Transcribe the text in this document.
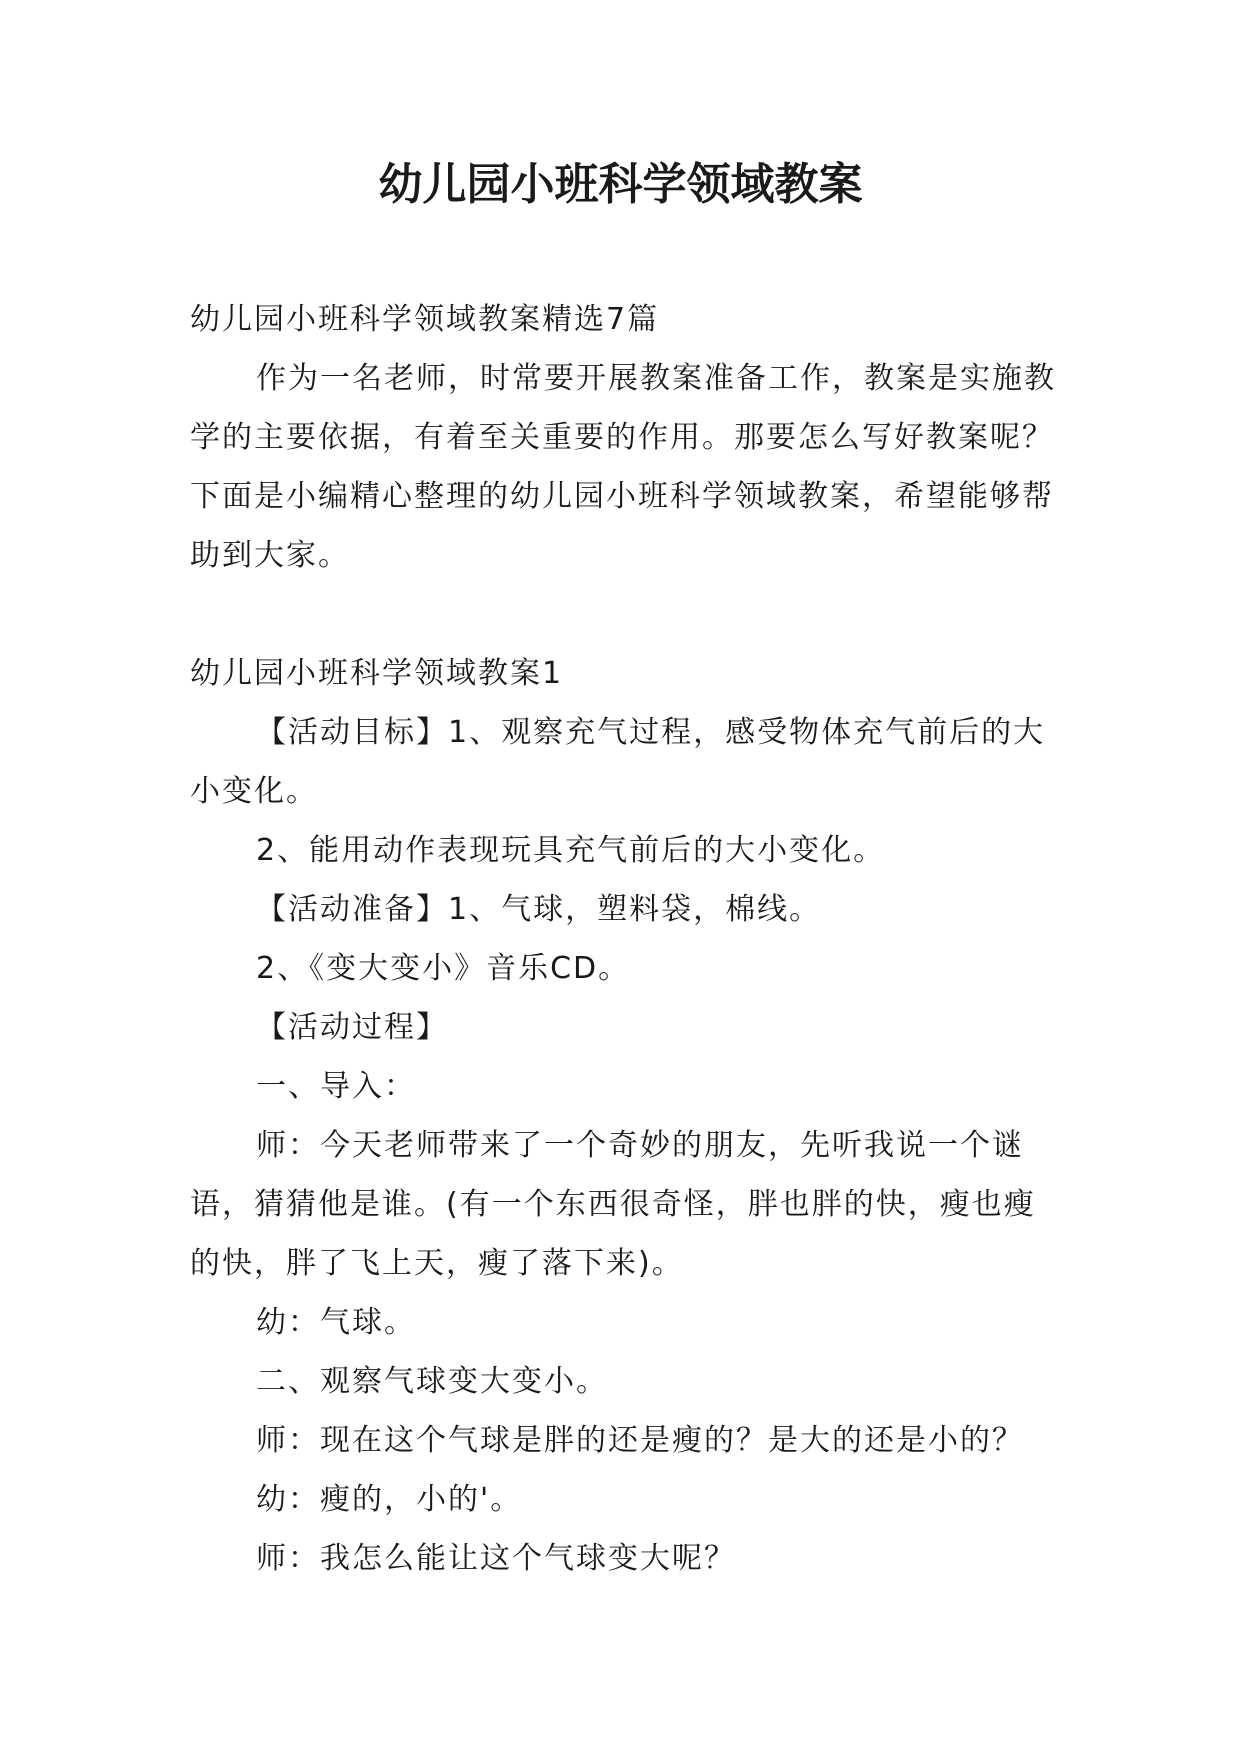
幼儿园小班科学领域教案

幼儿园小班科学领域教案精选7篇

作为一名老师，时常要开展教案准备工作，教案是实施教学的主要依据，有着至关重要的作用。那要怎么写好教案呢？下面是小编精心整理的幼儿园小班科学领域教案，希望能够帮助到大家。

幼儿园小班科学领域教案1

【活动目标】1、观察充气过程，感受物体充气前后的大小变化。

2、能用动作表现玩具充气前后的大小变化。

【活动准备】1、气球，塑料袋，棉线。

2、《变大变小》音乐CD。

【活动过程】

一、导入：

师：今天老师带来了一个奇妙的朋友，先听我说一个谜语，猜猜他是谁。(有一个东西很奇怪，胖也胖的快，瘦也瘦的快，胖了飞上天，瘦了落下来)。

幼：气球。

二、观察气球变大变小。

师：现在这个气球是胖的还是瘦的？是大的还是小的？

幼：瘦的，小的'。

师：我怎么能让这个气球变大呢？
